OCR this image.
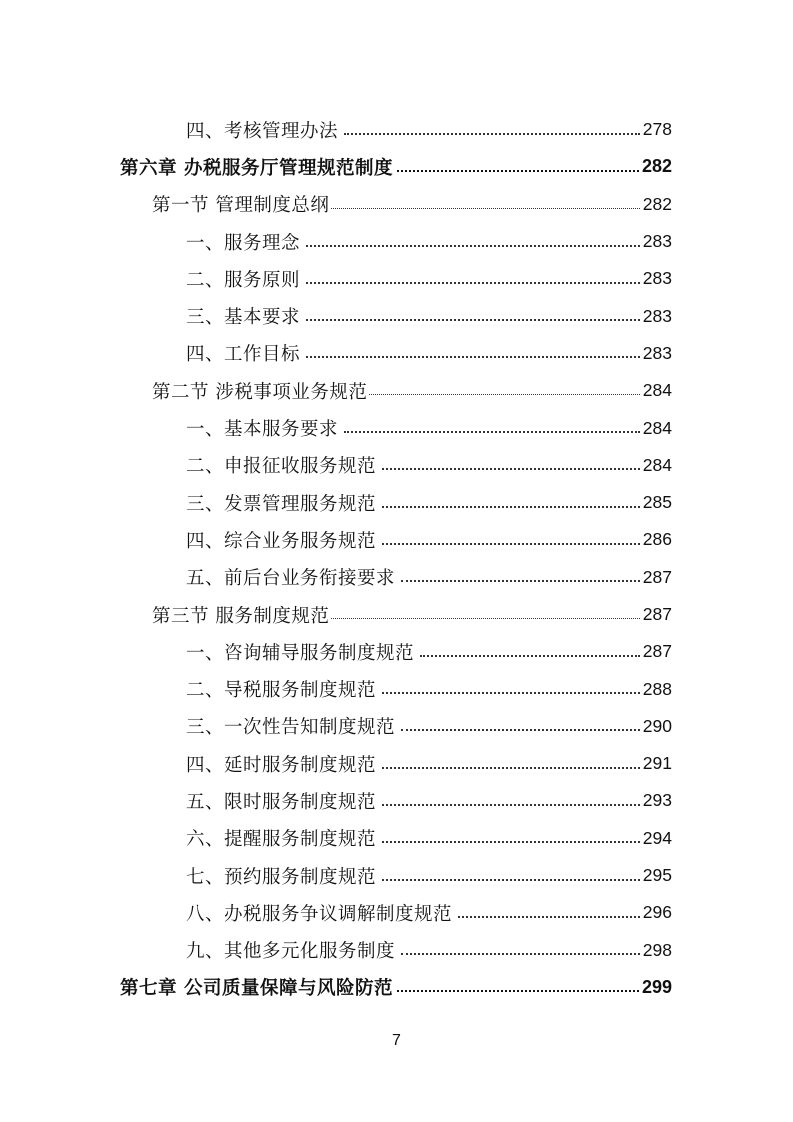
四、考核管理办法	278
第六章 办税服务厅管理规范制度	282
第一节 管理制度总纲	282
一、服务理念	283
二、服务原则	283
三、基本要求	283
四、工作目标	283
第二节 涉税事项业务规范	284
一、基本服务要求	284
二、申报征收服务规范	284
三、发票管理服务规范	285
四、综合业务服务规范	286
五、前后台业务衔接要求	287
第三节 服务制度规范	287
一、咨询辅导服务制度规范	287
二、导税服务制度规范	288
三、一次性告知制度规范	290
四、延时服务制度规范	291
五、限时服务制度规范	293
六、提醒服务制度规范	294
七、预约服务制度规范	295
八、办税服务争议调解制度规范	296
九、其他多元化服务制度	298
第七章 公司质量保障与风险防范	299
7
